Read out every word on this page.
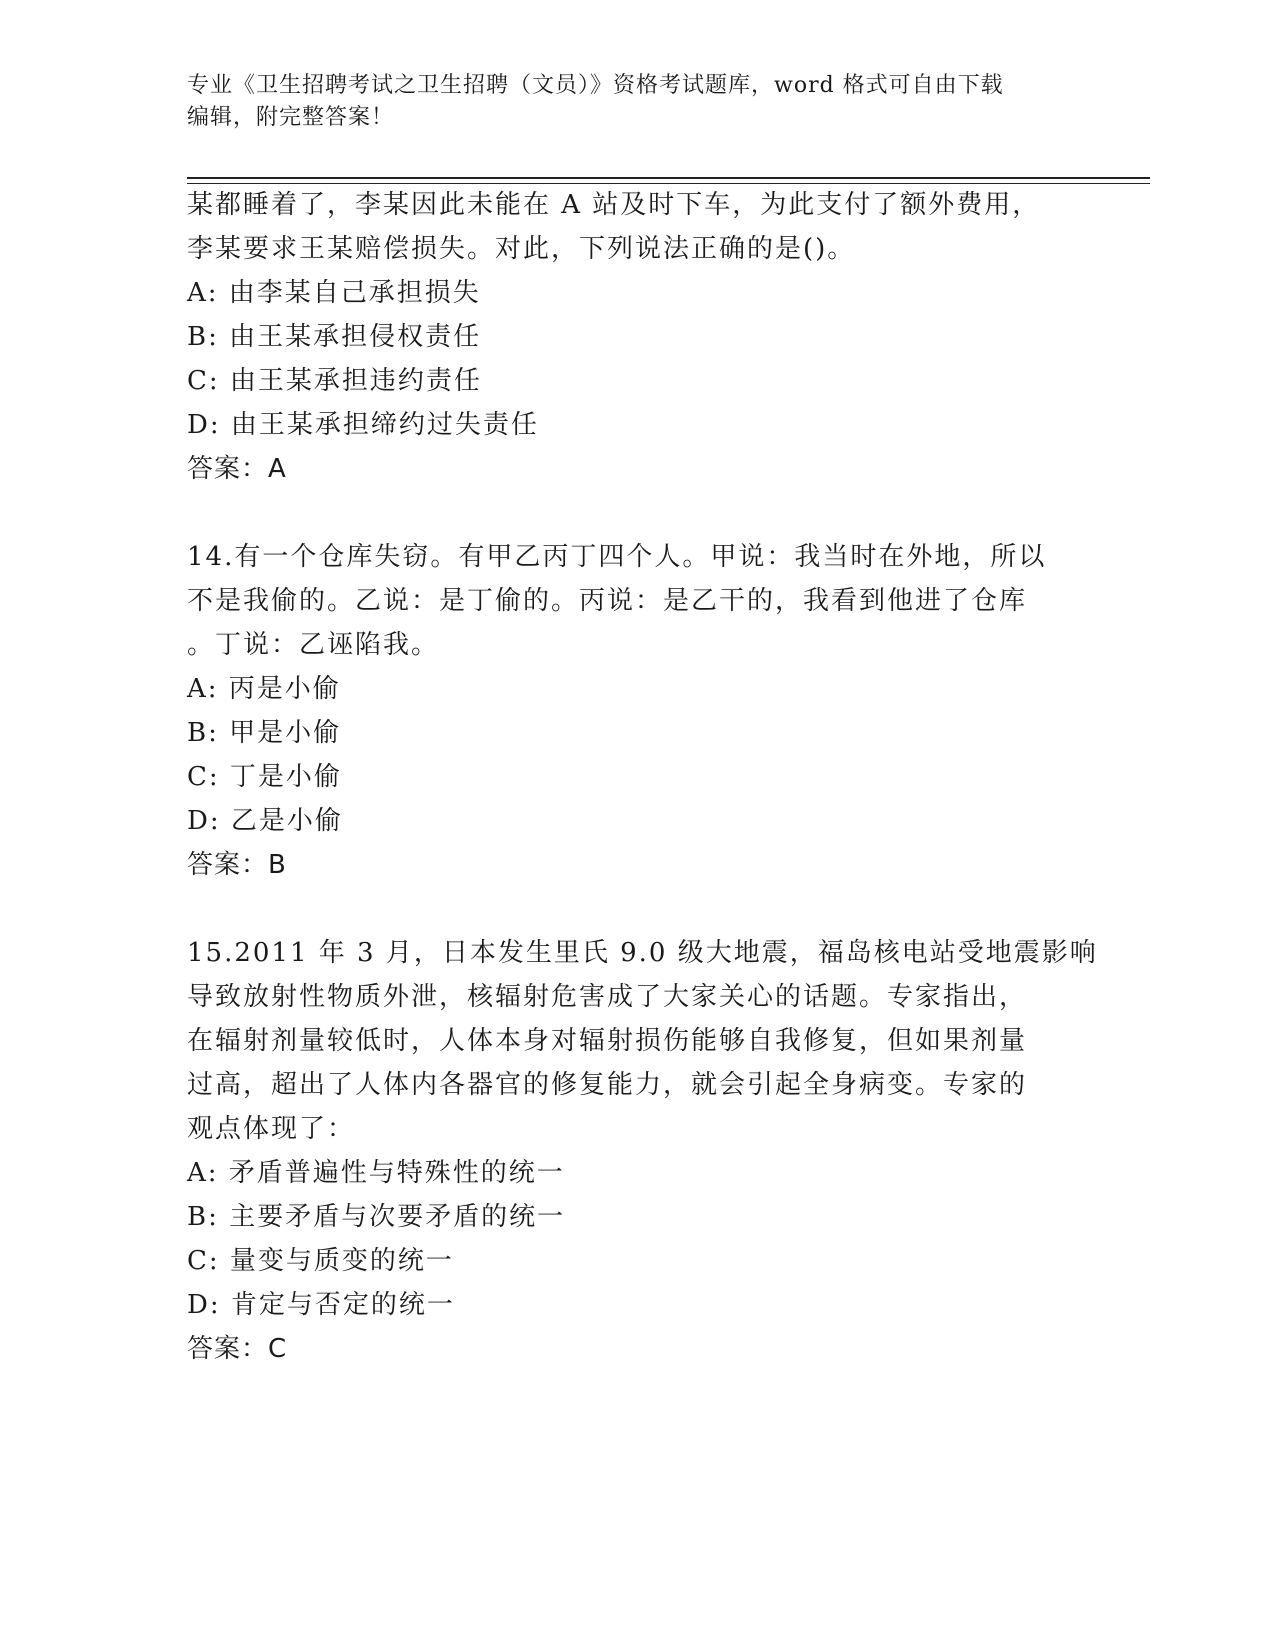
专业《卫生招聘考试之卫生招聘（文员）》资格考试题库，word 格式可自由下载
编辑，附完整答案！
某都睡着了，李某因此未能在 A 站及时下车，为此支付了额外费用，
李某要求王某赔偿损失。对此，下列说法正确的是()。
A: 由李某自己承担损失
B: 由王某承担侵权责任
C: 由王某承担违约责任
D: 由王某承担缔约过失责任
答案：A
14.有一个仓库失窃。有甲乙丙丁四个人。甲说：我当时在外地，所以
不是我偷的。乙说：是丁偷的。丙说：是乙干的，我看到他进了仓库
。丁说：乙诬陷我。
A: 丙是小偷
B: 甲是小偷
C: 丁是小偷
D: 乙是小偷
答案：B
15.2011 年 3 月，日本发生里氏 9.0 级大地震，福岛核电站受地震影响
导致放射性物质外泄，核辐射危害成了大家关心的话题。专家指出，
在辐射剂量较低时，人体本身对辐射损伤能够自我修复，但如果剂量
过高，超出了人体内各器官的修复能力，就会引起全身病变。专家的
观点体现了：
A: 矛盾普遍性与特殊性的统一
B: 主要矛盾与次要矛盾的统一
C: 量变与质变的统一
D: 肯定与否定的统一
答案：C
